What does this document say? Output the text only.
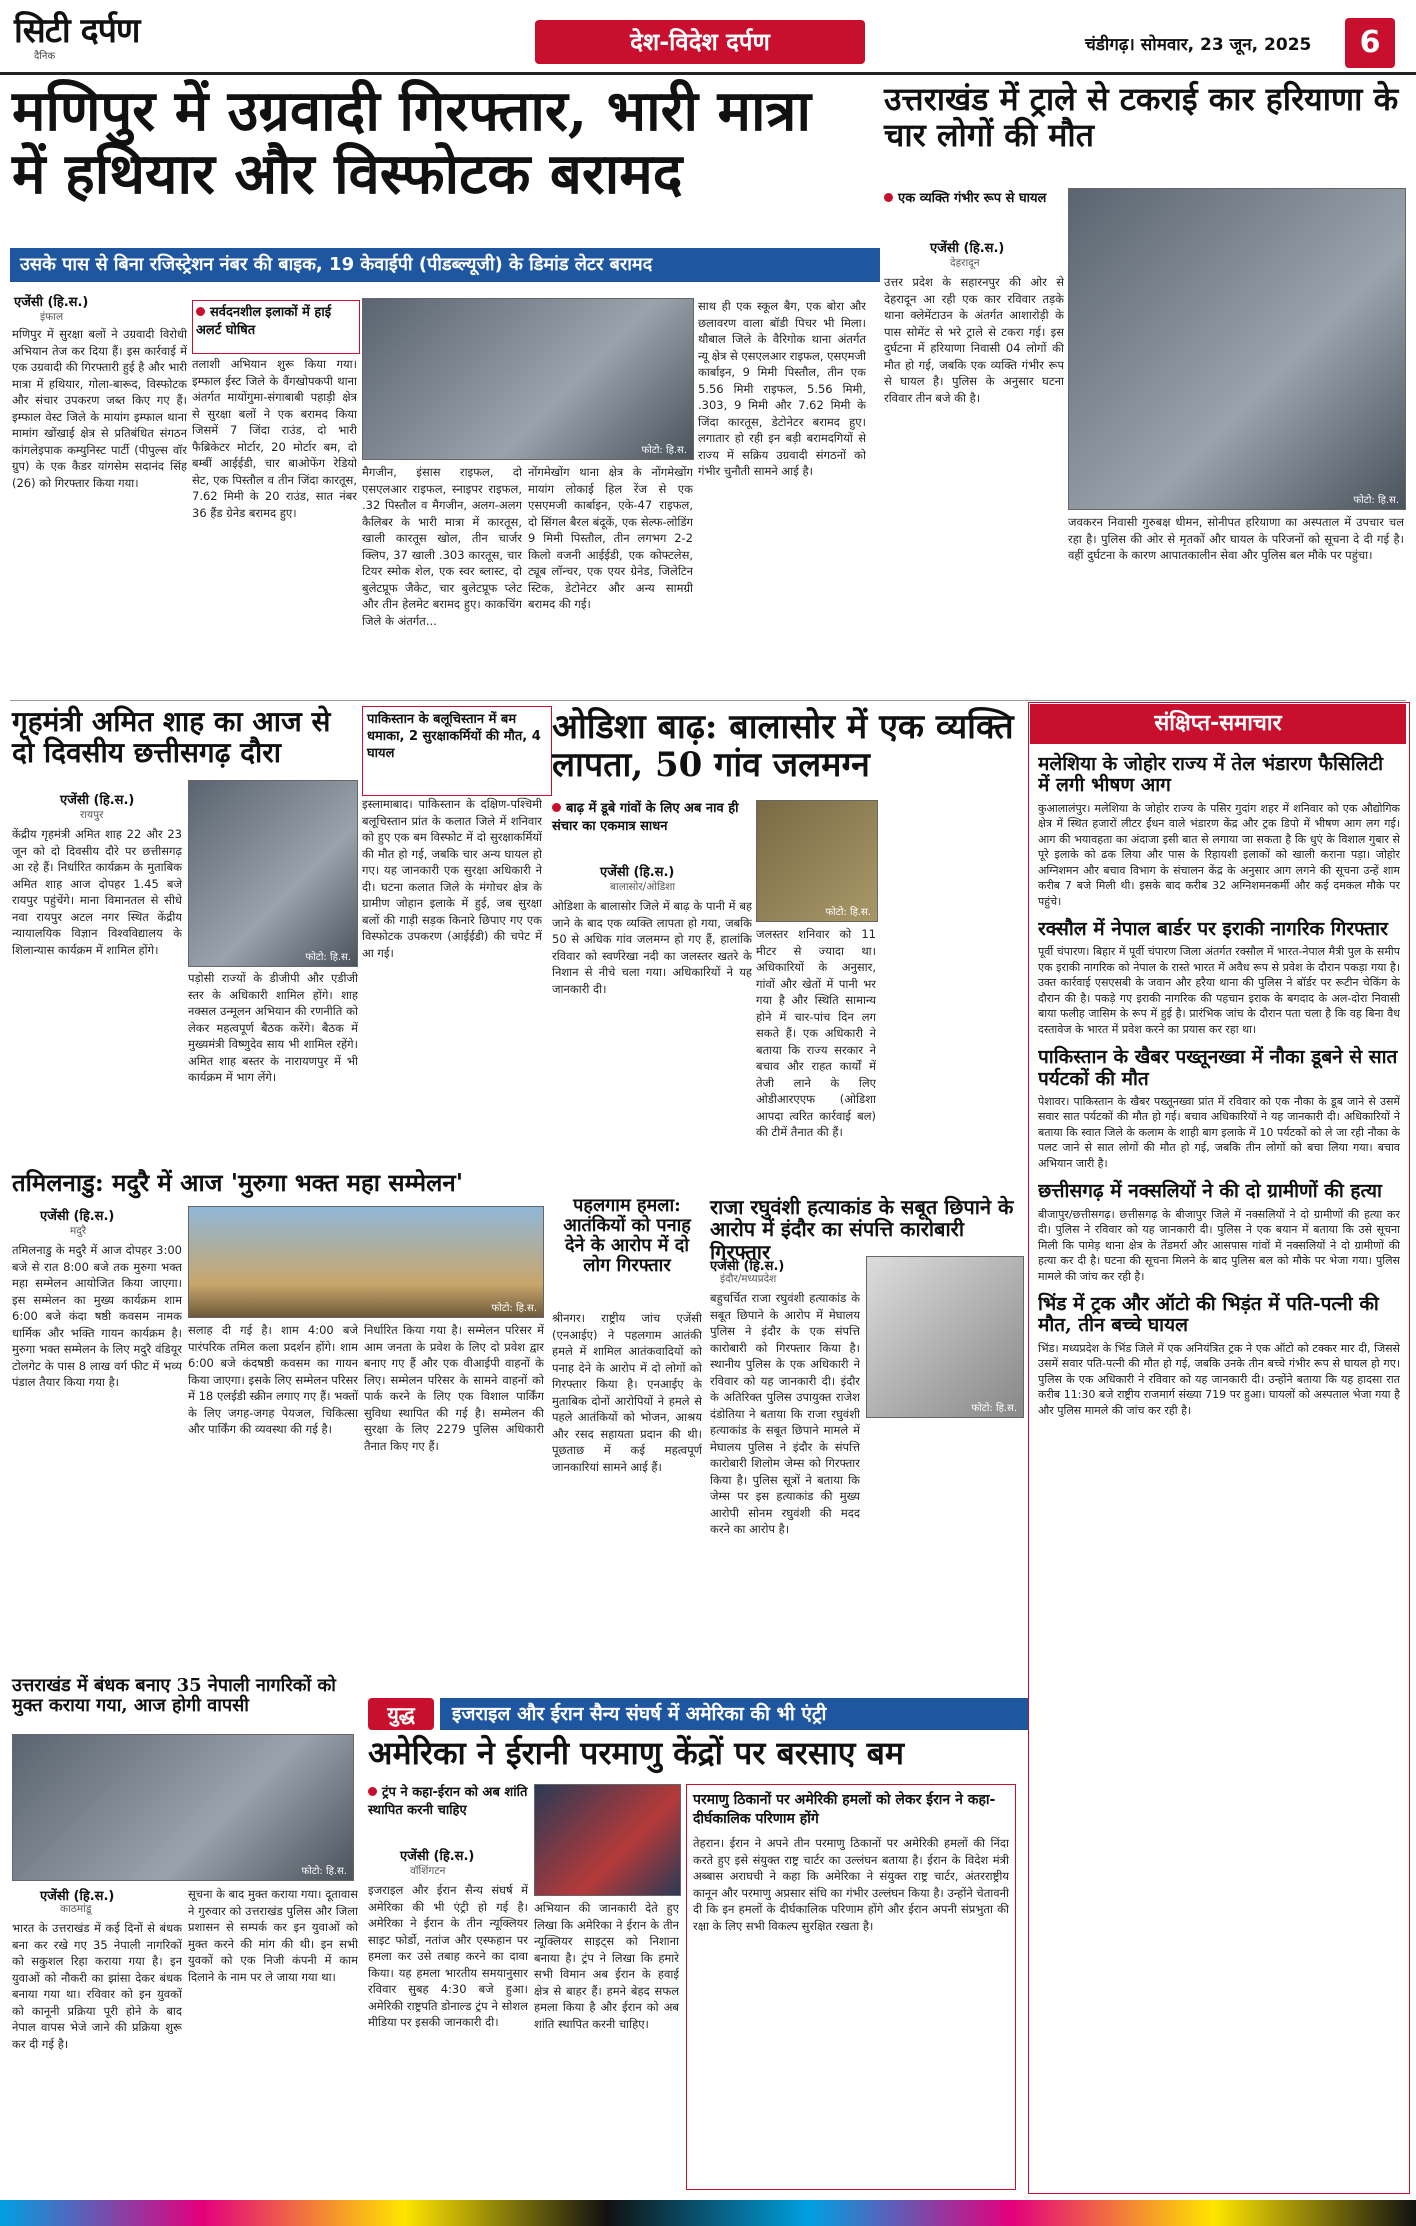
सिटी दर्पण
दैनिक
देश-विदेश दर्पण	चंडीगढ़। सोमवार, 23 जून, 2025	6
मणिपुर में उग्रवादी गिरफ्तार, भारी मात्रा में हथियार और विस्फोटक बरामद
उसके पास से बिना रजिस्ट्रेशन नंबर की बाइक, 19 केवाईपी (पीडब्ल्यूजी) के डिमांड लेटर बरामद
एजेंसी (हि.स.)
इंफाल
मणिपुर में सुरक्षा बलों ने उग्रवादी विरोधी अभियान तेज कर दिया हैं। इस कार्रवाई में एक उग्रवादी की गिरफ्तारी हुई है और भारी मात्रा में हथियार, गोला-बारूद, विस्फोटक और संचार उपकरण जब्त किए गए हैं। इम्फाल वेस्ट जिले के मायांग इम्फाल थाना मामांग खोंखाई क्षेत्र से प्रतिबंधित संगठन कांगलेइपाक कम्युनिस्ट पार्टी (पीपुल्स वॉर ग्रुप) के एक कैडर यांगसेम सदानंद सिंह (26) को गिरफ्तार किया गया।
सर्वदनशील इलाकों में हाई अलर्ट घोषित
तलाशी अभियान शुरू किया गया। इम्फाल ईस्ट जिले के वैंगखोपकपी थाना अंतर्गत मायोंगुमा-संगाबाबी पहाड़ी क्षेत्र से सुरक्षा बलों ने एक बरामद किया जिसमें 7 जिंदा राउंड, दो भारी फैब्रिकेटर मोर्टार, 20 मोर्टार बम, दो बम्बीं आईईडी, चार बाओफेंग रेडियो सेट, एक पिस्तौल व तीन जिंदा कारतूस, 7.62 मिमी के 20 राउंड, सात नंबर 36 हैंड ग्रेनेड बरामद हुए।
फोटो: हि.स.
मैगजीन, इंसास राइफल, दो एसएलआर राइफल, स्नाइपर राइफल, .32 पिस्तौल व मैगजीन, अलग-अलग कैलिबर के भारी मात्रा में कारतूस, खाली कारतूस खोल, तीन चार्जर क्लिप, 37 खाली .303 कारतूस, चार टियर स्मोक शेल, एक स्वर ब्लास्ट, दो बुलेटप्रूफ जैकेट, चार बुलेटप्रूफ प्लेट और तीन हेलमेट बरामद हुए। काकचिंग जिले के अंतर्गत...
नोंगमेखोंग थाना क्षेत्र के नोंगमेखोंग मायांग लोकाई हिल रेंज से एक एसएमजी कार्बाइन, एके-47 राइफल, दो सिंगल बैरल बंदूकें, एक सेल्फ-लोडिंग 9 मिमी पिस्तौल, तीन लगभग 2-2 किलो वजनी आईईडी, एक कोफ्टलेस, ट्यूब लॉन्चर, एक एयर ग्रेनेड, जिलेटिन स्टिक, डेटोनेटर और अन्य सामग्री बरामद की गई।
साथ ही एक स्कूल बैग, एक बोरा और छलावरण वाला बॉडी पिचर भी मिला। थौबाल जिले के वैरिगोक थाना अंतर्गत न्यू क्षेत्र से एसएलआर राइफल, एसएमजी कार्बाइन, 9 मिमी पिस्तौल, तीन एक 5.56 मिमी राइफल, 5.56 मिमी, .303, 9 मिमी और 7.62 मिमी के जिंदा कारतूस, डेटोनेटर बरामद हुए। लगातार हो रही इन बड़ी बरामदगियों से राज्य में सक्रिय उग्रवादी संगठनों को गंभीर चुनौती सामने आई है।
उत्तराखंड में ट्राले से टकराई कार हरियाणा के चार लोगों की मौत
एक व्यक्ति गंभीर रूप से घायल
एजेंसी (हि.स.)
देहरादून
उत्तर प्रदेश के सहारनपुर की ओर से देहरादून आ रही एक कार रविवार तड़के थाना क्लेमेंटाउन के अंतर्गत आशारोड़ी के पास सोमेंट से भरे ट्राले से टकरा गई। इस दुर्घटना में हरियाणा निवासी 04 लोगों की मौत हो गई, जबकि एक व्यक्ति गंभीर रूप से घायल है। पुलिस के अनुसार घटना रविवार तीन बजे की है।
फोटो: हि.स.
जवकरन निवासी गुरुबक्ष धीमन, सोनीपत हरियाणा का अस्पताल में उपचार चल रहा है। पुलिस की ओर से मृतकों और घायल के परिजनों को सूचना दे दी गई है। वहीं दुर्घटना के कारण आपातकालीन सेवा और पुलिस बल मौके पर पहुंचा।
गृहमंत्री अमित शाह का आज से दो दिवसीय छत्तीसगढ़ दौरा
एजेंसी (हि.स.)
रायपुर
केंद्रीय गृहमंत्री अमित शाह 22 और 23 जून को दो दिवसीय दौरे पर छत्तीसगढ़ आ रहे हैं। निर्धारित कार्यक्रम के मुताबिक अमित शाह आज दोपहर 1.45 बजे रायपुर पहुंचेंगे। माना विमानतल से सीधे नवा रायपुर अटल नगर स्थित केंद्रीय न्यायालयिक विज्ञान विश्वविद्यालय के शिलान्यास कार्यक्रम में शामिल होंगे।
फोटो: हि.स.
पड़ोसी राज्यों के डीजीपी और एडीजी स्तर के अधिकारी शामिल होंगे। शाह नक्सल उन्मूलन अभियान की रणनीति को लेकर महत्वपूर्ण बैठक करेंगे। बैठक में मुख्यमंत्री विष्णुदेव साय भी शामिल रहेंगे। अमित शाह बस्तर के नारायणपुर में भी कार्यक्रम में भाग लेंगे।
पाकिस्तान के बलूचिस्तान में बम धमाका, 2 सुरक्षाकर्मियों की मौत, 4 घायल
इस्लामाबाद। पाकिस्तान के दक्षिण-पश्चिमी बलूचिस्तान प्रांत के कलात जिले में शनिवार को हुए एक बम विस्फोट में दो सुरक्षाकर्मियों की मौत हो गई, जबकि चार अन्य घायल हो गए। यह जानकारी एक सुरक्षा अधिकारी ने दी। घटना कलात जिले के मंगोचर क्षेत्र के ग्रामीण जोहान इलाके में हुई, जब सुरक्षा बलों की गाड़ी सड़क किनारे छिपाए गए एक विस्फोटक उपकरण (आईईडी) की चपेट में आ गई।
ओडिशा बाढ़: बालासोर में एक व्यक्ति लापता, 50 गांव जलमग्न
बाढ़ में डूबे गांवों के लिए अब नाव ही संचार का एकमात्र साधन
एजेंसी (हि.स.)
बालासोर/ओडिशा
ओडिशा के बालासोर जिले में बाढ़ के पानी में बह जाने के बाद एक व्यक्ति लापता हो गया, जबकि 50 से अधिक गांव जलमग्न हो गए हैं, हालांकि रविवार को स्वर्णरेखा नदी का जलस्तर खतरे के निशान से नीचे चला गया। अधिकारियों ने यह जानकारी दी।
फोटो: हि.स.
जलस्तर शनिवार को 11 मीटर से ज्यादा था। अधिकारियों के अनुसार, गांवों और खेतों में पानी भर गया है और स्थिति सामान्य होने में चार-पांच दिन लग सकते हैं। एक अधिकारी ने बताया कि राज्य सरकार ने बचाव और राहत कार्यों में तेजी लाने के लिए ओडीआरएएफ (ओडिशा आपदा त्वरित कार्रवाई बल) की टीमें तैनात की हैं।
संक्षिप्त-समाचार
मलेशिया के जोहोर राज्य में तेल भंडारण फैसिलिटी में लगी भीषण आग
कुआलालंपुर। मलेशिया के जोहोर राज्य के पसिर गुदांग शहर में शनिवार को एक औद्योगिक क्षेत्र में स्थित हजारों लीटर ईंधन वाले भंडारण केंद्र और ट्रक डिपो में भीषण आग लग गई। आग की भयावहता का अंदाजा इसी बात से लगाया जा सकता है कि धुएं के विशाल गुबार से पूरे इलाके को ढक लिया और पास के रिहायशी इलाकों को खाली कराना पड़ा। जोहोर अग्निशमन और बचाव विभाग के संचालन केंद्र के अनुसार आग लगने की सूचना उन्हें शाम करीब 7 बजे मिली थी। इसके बाद करीब 32 अग्निशमनकर्मी और कई दमकल मौके पर पहुंचे।
रक्सौल में नेपाल बार्डर पर इराकी नागरिक गिरफ्तार
पूर्वी चंपारण। बिहार में पूर्वी चंपारण जिला अंतर्गत रक्सौल में भारत-नेपाल मैत्री पुल के समीप एक इराकी नागरिक को नेपाल के रास्ते भारत में अवैध रूप से प्रवेश के दौरान पकड़ा गया है। उक्त कार्रवाई एसएसबी के जवान और हरैया थाना की पुलिस ने बॉर्डर पर रूटीन चेकिंग के दौरान की है। पकड़े गए इराकी नागरिक की पहचान इराक के बगदाद के अल-दोरा निवासी बाया फलीह जासिम के रूप में हुई है। प्रारंभिक जांच के दौरान पता चला है कि वह बिना वैध दस्तावेज के भारत में प्रवेश करने का प्रयास कर रहा था।
पाकिस्तान के खैबर पख्तूनख्वा में नौका डूबने से सात पर्यटकों की मौत
पेशावर। पाकिस्तान के खैबर पख्तूनख्वा प्रांत में रविवार को एक नौका के डूब जाने से उसमें सवार सात पर्यटकों की मौत हो गई। बचाव अधिकारियों ने यह जानकारी दी। अधिकारियों ने बताया कि स्वात जिले के कलाम के शाही बाग इलाके में 10 पर्यटकों को ले जा रही नौका के पलट जाने से सात लोगों की मौत हो गई, जबकि तीन लोगों को बचा लिया गया। बचाव अभियान जारी है।
छत्तीसगढ़ में नक्सलियों ने की दो ग्रामीणों की हत्या
बीजापुर/छत्तीसगढ़। छत्तीसगढ़ के बीजापुर जिले में नक्सलियों ने दो ग्रामीणों की हत्या कर दी। पुलिस ने रविवार को यह जानकारी दी। पुलिस ने एक बयान में बताया कि उसे सूचना मिली कि पामेड़ थाना क्षेत्र के तेंडमर्रा और आसपास गांवों में नक्सलियों ने दो ग्रामीणों की हत्या कर दी है। घटना की सूचना मिलने के बाद पुलिस बल को मौके पर भेजा गया। पुलिस मामले की जांच कर रही है।
भिंड में ट्रक और ऑटो की भिड़ंत में पति-पत्नी की मौत, तीन बच्चे घायल
भिंड। मध्यप्रदेश के भिंड जिले में एक अनियंत्रित ट्रक ने एक ऑटो को टक्कर मार दी, जिससे उसमें सवार पति-पत्नी की मौत हो गई, जबकि उनके तीन बच्चे गंभीर रूप से घायल हो गए। पुलिस के एक अधिकारी ने रविवार को यह जानकारी दी। उन्होंने बताया कि यह हादसा रात करीब 11:30 बजे राष्ट्रीय राजमार्ग संख्या 719 पर हुआ। घायलों को अस्पताल भेजा गया है और पुलिस मामले की जांच कर रही है।
पहलगाम हमला: आतंकियों को पनाह देने के आरोप में दो लोग गिरफ्तार
श्रीनगर। राष्ट्रीय जांच एजेंसी (एनआईए) ने पहलगाम आतंकी हमले में शामिल आतंकवादियों को पनाह देने के आरोप में दो लोगों को गिरफ्तार किया है। एनआईए के मुताबिक दोनों आरोपियों ने हमले से पहले आतंकियों को भोजन, आश्रय और रसद सहायता प्रदान की थी। पूछताछ में कई महत्वपूर्ण जानकारियां सामने आई हैं।
राजा रघुवंशी हत्याकांड के सबूत छिपाने के आरोप में इंदौर का संपत्ति कारोबारी गिरफ्तार
एजेंसी (हि.स.)
इंदौर/मध्यप्रदेश
बहुचर्चित राजा रघुवंशी हत्याकांड के सबूत छिपाने के आरोप में मेघालय पुलिस ने इंदौर के एक संपत्ति कारोबारी को गिरफ्तार किया है। स्थानीय पुलिस के एक अधिकारी ने रविवार को यह जानकारी दी। इंदौर के अतिरिक्त पुलिस उपायुक्त राजेश दंडोतिया ने बताया कि राजा रघुवंशी हत्याकांड के सबूत छिपाने मामले में मेघालय पुलिस ने इंदौर के संपत्ति कारोबारी शिलोम जेम्स को गिरफ्तार किया है। पुलिस सूत्रों ने बताया कि जेम्स पर इस हत्याकांड की मुख्य आरोपी सोनम रघुवंशी की मदद करने का आरोप है।
फोटो: हि.स.
तमिलनाडु: मदुरै में आज 'मुरुगा भक्त महा सम्मेलन'
एजेंसी (हि.स.)
मदुरै
तमिलनाडु के मदुरै में आज दोपहर 3:00 बजे से रात 8:00 बजे तक मुरुगा भक्त महा सम्मेलन आयोजित किया जाएगा। इस सम्मेलन का मुख्य कार्यक्रम शाम 6:00 बजे कंदा षष्ठी कवसम नामक धार्मिक और भक्ति गायन कार्यक्रम है। मुरुगा भक्त सम्मेलन के लिए मदुरै वंडियूर टोलगेट के पास 8 लाख वर्ग फीट में भव्य पंडाल तैयार किया गया है।
फोटो: हि.स.
सलाह दी गई है। शाम 4:00 बजे पारंपरिक तमिल कला प्रदर्शन होंगे। शाम 6:00 बजे कंदषष्ठी कवसम का गायन किया जाएगा। इसके लिए सम्मेलन परिसर में 18 एलईडी स्क्रीन लगाए गए हैं। भक्तों के लिए जगह-जगह पेयजल, चिकित्सा और पार्किंग की व्यवस्था की गई है।
निर्धारित किया गया है। सम्मेलन परिसर में आम जनता के प्रवेश के लिए दो प्रवेश द्वार बनाए गए हैं और एक वीआईपी वाहनों के लिए। सम्मेलन परिसर के सामने वाहनों को पार्क करने के लिए एक विशाल पार्किंग सुविधा स्थापित की गई है। सम्मेलन की सुरक्षा के लिए 2279 पुलिस अधिकारी तैनात किए गए हैं।
उत्तराखंड में बंधक बनाए 35 नेपाली नागरिकों को मुक्त कराया गया, आज होगी वापसी
फोटो: हि.स.
एजेंसी (हि.स.)
काठमांडू
भारत के उत्तराखंड में कई दिनों से बंधक बना कर रखे गए 35 नेपाली नागरिकों को सकुशल रिहा कराया गया है। इन युवाओं को नौकरी का झांसा देकर बंधक बनाया गया था। रविवार को इन युवकों को कानूनी प्रक्रिया पूरी होने के बाद नेपाल वापस भेजे जाने की प्रक्रिया शुरू कर दी गई है।
सूचना के बाद मुक्त कराया गया। दूतावास ने गुरुवार को उत्तराखंड पुलिस और जिला प्रशासन से सम्पर्क कर इन युवाओं को मुक्त करने की मांग की थी। इन सभी युवकों को एक निजी कंपनी में काम दिलाने के नाम पर ले जाया गया था।
युद्ध	इजराइल और ईरान सैन्य संघर्ष में अमेरिका की भी एंट्री
अमेरिका ने ईरानी परमाणु केंद्रों पर बरसाए बम
ट्रंप ने कहा-ईरान को अब शांति स्थापित करनी चाहिए
एजेंसी (हि.स.)
वॉशिंगटन
इजराइल और ईरान सैन्य संघर्ष में अमेरिका की भी एंट्री हो गई है। अमेरिका ने ईरान के तीन न्यूक्लियर साइट फोर्डो, नतांज और एस्फहान पर हमला कर उसे तबाह करने का दावा किया। यह हमला भारतीय समयानुसार रविवार सुबह 4:30 बजे हुआ। अमेरिकी राष्ट्रपति डोनाल्ड ट्रंप ने सोशल मीडिया पर इसकी जानकारी दी।
अभियान की जानकारी देते हुए लिखा कि अमेरिका ने ईरान के तीन न्यूक्लियर साइट्स को निशाना बनाया है। ट्रंप ने लिखा कि हमारे सभी विमान अब ईरान के हवाई क्षेत्र से बाहर हैं। हमने बेहद सफल हमला किया है और ईरान को अब शांति स्थापित करनी चाहिए।
परमाणु ठिकानों पर अमेरिकी हमलों को लेकर ईरान ने कहा- दीर्घकालिक परिणाम होंगे
तेहरान। ईरान ने अपने तीन परमाणु ठिकानों पर अमेरिकी हमलों की निंदा करते हुए इसे संयुक्त राष्ट्र चार्टर का उल्लंघन बताया है। ईरान के विदेश मंत्री अब्बास अराघची ने कहा कि अमेरिका ने संयुक्त राष्ट्र चार्टर, अंतरराष्ट्रीय कानून और परमाणु अप्रसार संधि का गंभीर उल्लंघन किया है। उन्होंने चेतावनी दी कि इन हमलों के दीर्घकालिक परिणाम होंगे और ईरान अपनी संप्रभुता की रक्षा के लिए सभी विकल्प सुरक्षित रखता है।
